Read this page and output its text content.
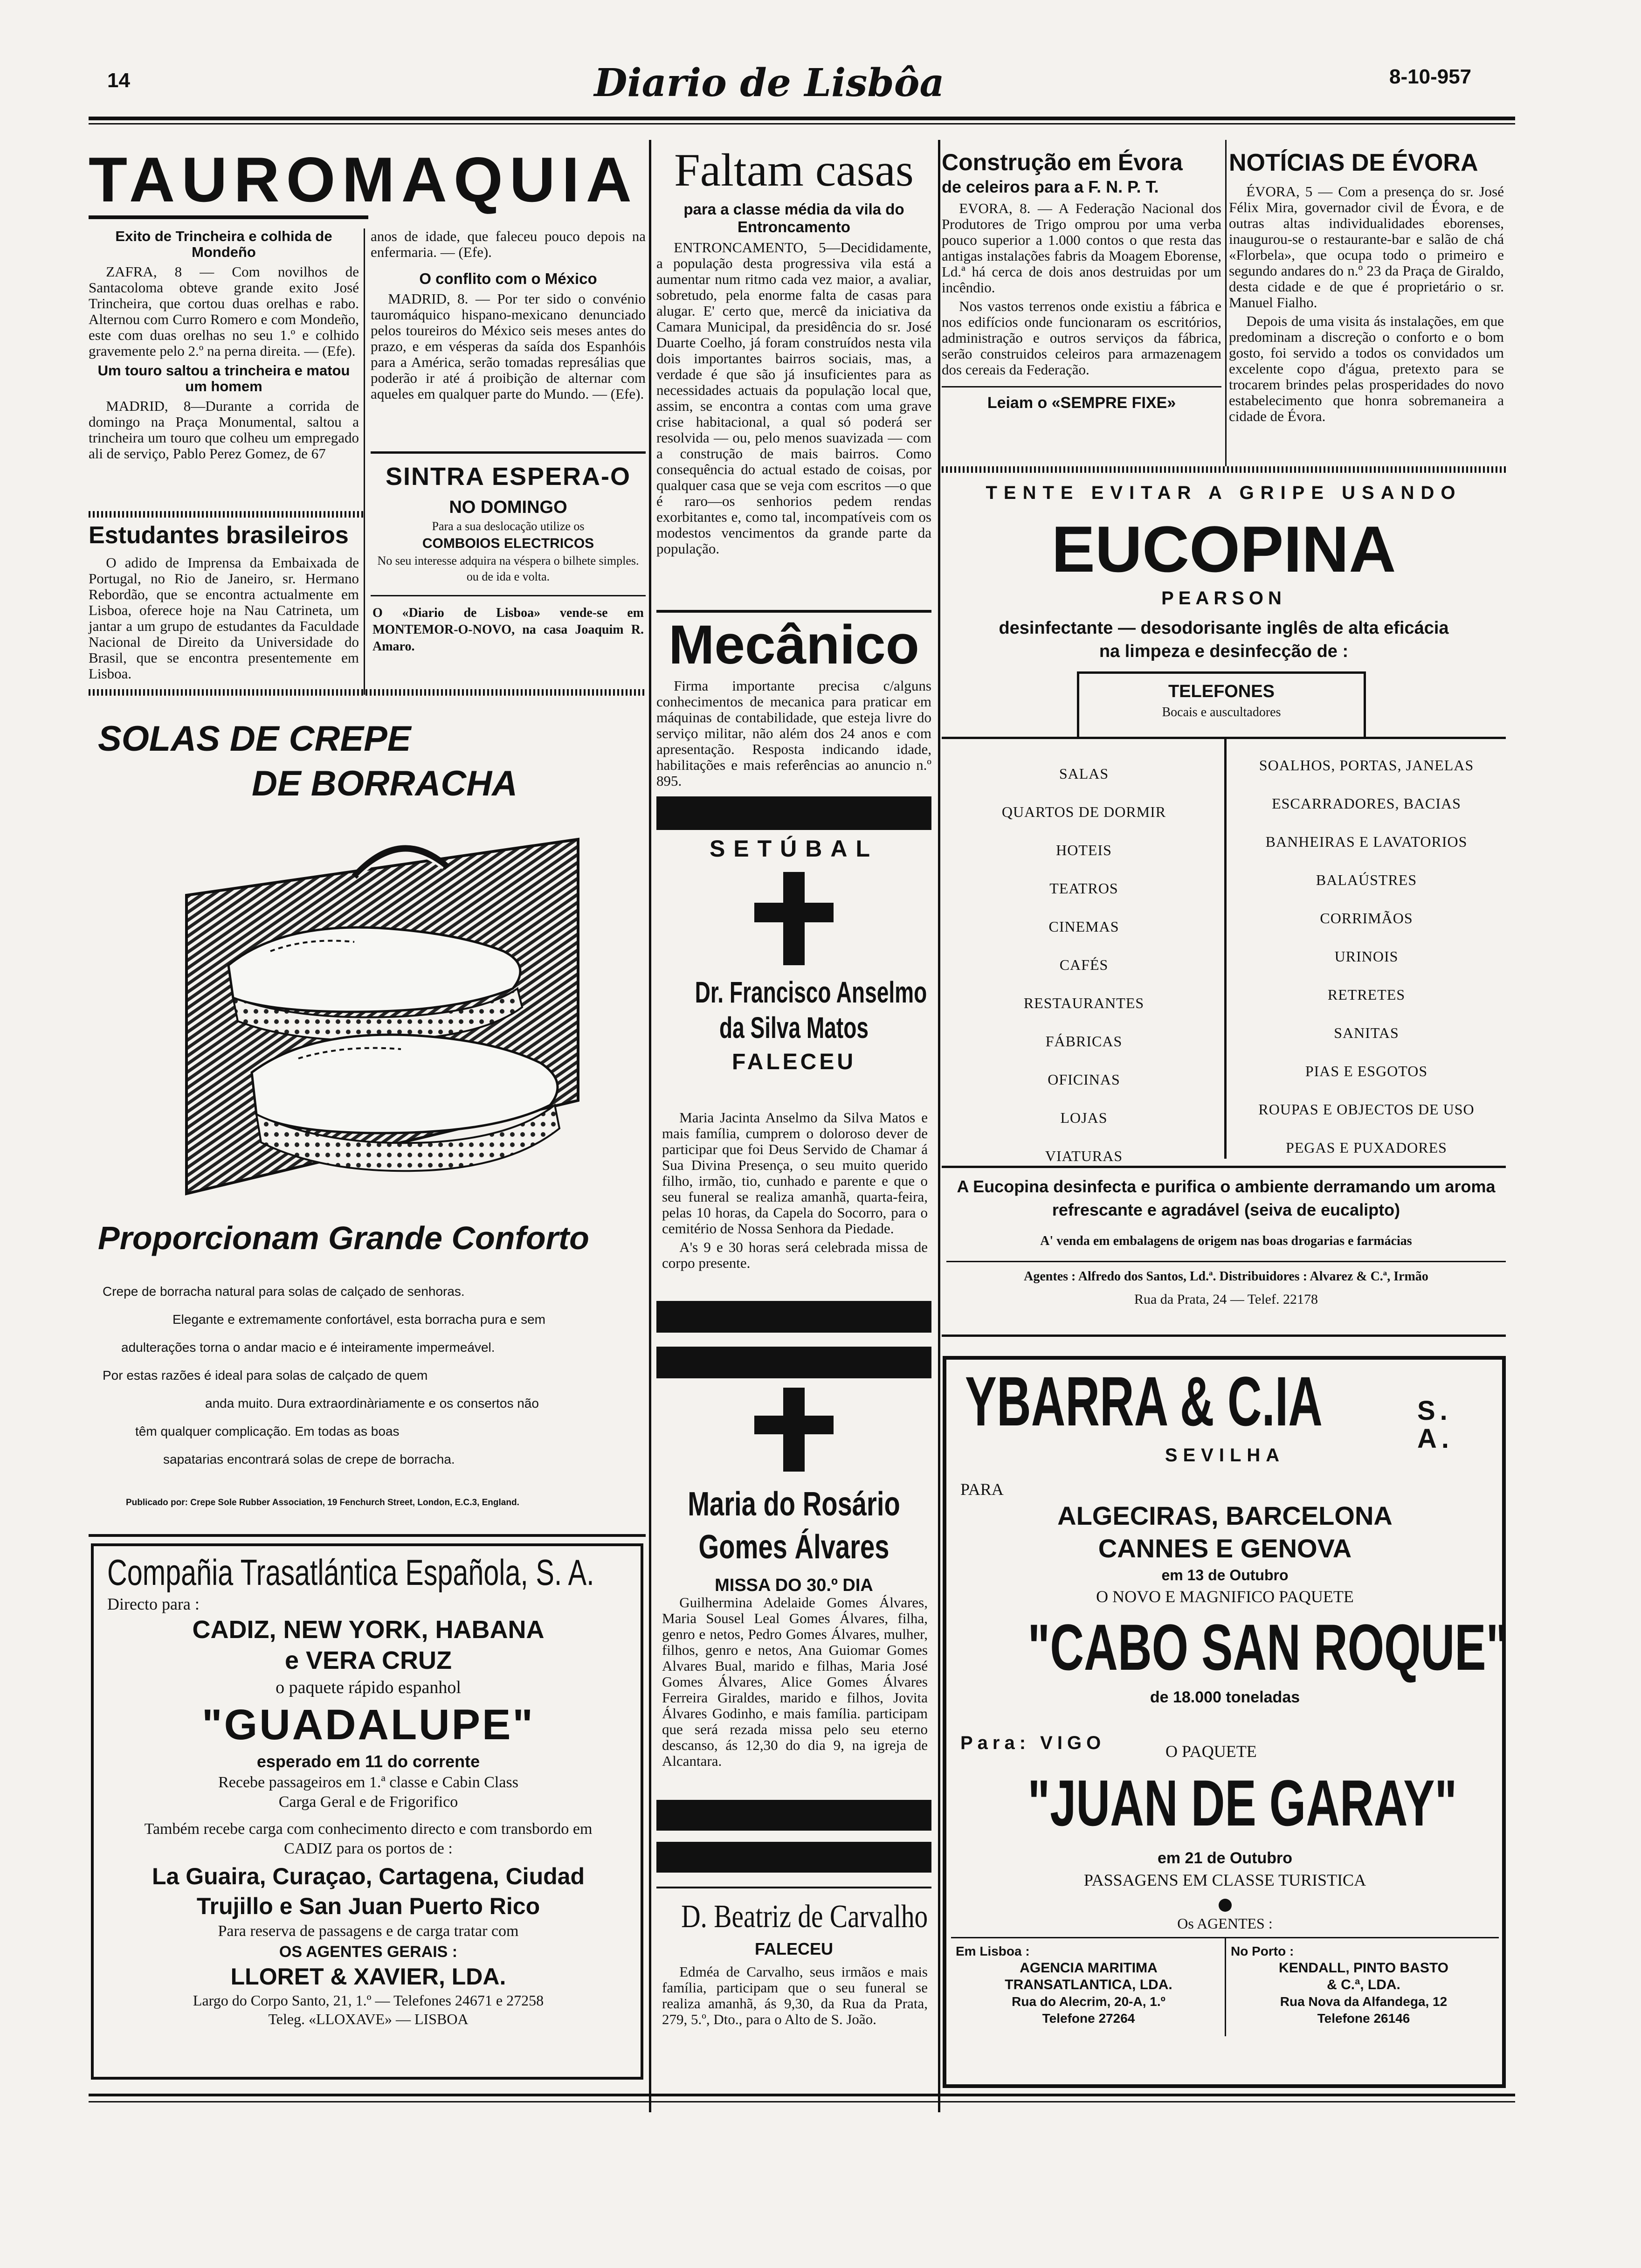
14	Diario de Lisbôa	8-10-957
TAUROMAQUIA
Exito de Trincheira e colhida de Mondeño

ZAFRA, 8 — Com novilhos de Santacoloma obteve grande exito José Trincheira, que cortou duas orelhas e rabo. Alternou com Curro Romero e com Mondeño, este com duas orelhas no seu 1.º e colhido gravemente pelo 2.º na perna direita. — (Efe).

Um touro saltou a trincheira e matou um homem

MADRID, 8—Durante a corrida de domingo na Praça Monumental, saltou a trincheira um touro que colheu um empregado ali de serviço, Pablo Perez Gomez, de 67

anos de idade, que faleceu pouco depois na enfermaria. — (Efe).

O conflito com o México

MADRID, 8. — Por ter sido o convénio tauromáquico hispano-mexicano denunciado pelos toureiros do México seis meses antes do prazo, e em vésperas da saída dos Espanhóis para a América, serão tomadas represálias que poderão ir até á proibição de alternar com aqueles em qualquer parte do Mundo. — (Efe).

Estudantes brasileiros

O adido de Imprensa da Embaixada de Portugal, no Rio de Janeiro, sr. Hermano Rebordão, que se encontra actualmente em Lisboa, oferece hoje na Nau Catrineta, um jantar a um grupo de estudantes da Faculdade Nacional de Direito da Universidade do Brasil, que se encontra presentemente em Lisboa.

SINTRA ESPERA-O
NO DOMINGO
Para a sua deslocação utilize os
COMBOIOS ELECTRICOS
No seu interesse adquira na véspera o bilhete simples. ou de ida e volta.
O «Diario de Lisboa» vende-se em MONTEMOR-O-NOVO, na casa Joaquim R. Amaro.
Faltam casas
para a classe média da vila do Entroncamento

ENTRONCAMENTO, 5—Decididamente, a população desta progressiva vila está a aumentar num ritmo cada vez maior, a avaliar, sobretudo, pela enorme falta de casas para alugar. E' certo que, mercê da iniciativa da Camara Municipal, da presidência do sr. José Duarte Coelho, já foram construídos nesta vila dois importantes bairros sociais, mas, a verdade é que são já insuficientes para as necessidades actuais da população local que, assim, se encontra a contas com uma grave crise habitacional, a qual só poderá ser resolvida — ou, pelo menos suavizada — com a construção de mais bairros. Como consequência do actual estado de coisas, por qualquer casa que se veja com escritos —o que é raro—os senhorios pedem rendas exorbitantes e, como tal, incompatíveis com os modestos vencimentos da grande parte da população.

Mecânico

Firma importante precisa c/alguns conhecimentos de mecanica para praticar em máquinas de contabilidade, que esteja livre do serviço militar, não além dos 24 anos e com apresentação. Resposta indicando idade, habilitações e mais referências ao anuncio n.º 895.

SETÚBAL
Dr. Francisco Anselmo
da Silva Matos
FALECEU

Maria Jacinta Anselmo da Silva Matos e mais família, cumprem o doloroso dever de participar que foi Deus Servido de Chamar á Sua Divina Presença, o seu muito querido filho, irmão, tio, cunhado e parente e que o seu funeral se realiza amanhã, quarta-feira, pelas 10 horas, da Capela do Socorro, para o cemitério de Nossa Senhora da Piedade.

A's 9 e 30 horas será celebrada missa de corpo presente.

Maria do Rosário
Gomes Álvares
MISSA DO 30.º DIA

Guilhermina Adelaide Gomes Álvares, Maria Sousel Leal Gomes Álvares, filha, genro e netos, Pedro Gomes Álvares, mulher, filhos, genro e netos, Ana Guiomar Gomes Alvares Bual, marido e filhas, Maria José Gomes Álvares, Alice Gomes Álvares Ferreira Giraldes, marido e filhos, Jovita Álvares Godinho, e mais família. participam que será rezada missa pelo seu eterno descanso, ás 12,30 do dia 9, na igreja de Alcantara.

D. Beatriz de Carvalho
FALECEU

Edméa de Carvalho, seus irmãos e mais família, participam que o seu funeral se realiza amanhã, ás 9,30, da Rua da Prata, 279, 5.º, Dto., para o Alto de S. João.

Construção em Évora
de celeiros para a F. N. P. T.

EVORA, 8. — A Federação Nacional dos Produtores de Trigo omprou por uma verba pouco superior a 1.000 contos o que resta das antigas instalações fabris da Moagem Eborense, Ld.ª há cerca de dois anos destruidas por um incêndio.

Nos vastos terrenos onde existiu a fábrica e nos edifícios onde funcionaram os escritórios, administração e outros serviços da fábrica, serão construidos celeiros para armazenagem dos cereais da Federação.

Leiam o «SEMPRE FIXE»
NOTÍCIAS DE ÉVORA

ÉVORA, 5 — Com a presença do sr. José Félix Mira, governador civil de Évora, e de outras altas individualidades eborenses, inaugurou-se o restaurante-bar e salão de chá «Florbela», que ocupa todo o primeiro e segundo andares do n.º 23 da Praça de Giraldo, desta cidade e de que é proprietário o sr. Manuel Fialho.

Depois de uma visita ás instalações, em que predominam a discreção o conforto e o bom gosto, foi servido a todos os convidados um excelente copo d'água, pretexto para se trocarem brindes pelas prosperidades do novo estabelecimento que honra sobremaneira a cidade de Évora.

TENTE EVITAR A GRIPE USANDO
EUCOPINA
PEARSON
desinfectante — desodorisante inglês de alta eficácia na limpeza e desinfecção de :
TELEFONES
Bocais e auscultadores
SALAS
QUARTOS DE DORMIR
HOTEIS
TEATROS
CINEMAS
CAFÉS
RESTAURANTES
FÁBRICAS
OFICINAS
LOJAS
VIATURAS
SOALHOS, PORTAS, JANELAS
ESCARRADORES, BACIAS
BANHEIRAS E LAVATORIOS
BALAÚSTRES
CORRIMÃOS
URINOIS
RETRETES
SANITAS
PIAS E ESGOTOS
ROUPAS E OBJECTOS DE USO
PEGAS E PUXADORES
A Eucopina desinfecta e purifica o ambiente derramando um aroma refrescante e agradável (seiva de eucalipto)
A' venda em embalagens de origem nas boas drogarias e farmácias
Agentes : Alfredo dos Santos, Ld.ª. Distribuidores : Alvarez & C.ª, Irmão
Rua da Prata, 24 — Telef. 22178
YBARRA & C.IA	S. A.
SEVILHA
PARA
ALGECIRAS, BARCELONA
CANNES E GENOVA
em 13 de Outubro
O NOVO E MAGNIFICO PAQUETE
"CABO SAN ROQUE"
de 18.000 toneladas
Para: VIGO	O PAQUETE
"JUAN DE GARAY"
em 21 de Outubro
PASSAGENS EM CLASSE TURISTICA
Os AGENTES :
Em Lisboa :
AGENCIA MARITIMA
TRANSATLANTICA, LDA.
Rua do Alecrim, 20-A, 1.º
Telefone 27264
No Porto :
KENDALL, PINTO BASTO
& C.ª, LDA.
Rua Nova da Alfandega, 12
Telefone 26146
SOLAS DE CREPE
DE BORRACHA
Proporcionam Grande Conforto
Crepe de borracha natural para solas de calçado de senhoras.
Elegante e extremamente confortável, esta borracha pura e sem
adulterações torna o andar macio e é inteiramente impermeável.
Por estas razões é ideal para solas de calçado de quem
anda muito. Dura extraordinàriamente e os consertos não
têm qualquer complicação. Em todas as boas
sapatarias encontrará solas de crepe de borracha.
Publicado por: Crepe Sole Rubber Association, 19 Fenchurch Street, London, E.C.3, England.
Compañia Trasatlántica Española, S. A.
Directo para :
CADIZ, NEW YORK, HABANA
e VERA CRUZ
o paquete rápido espanhol
"GUADALUPE"
esperado em 11 do corrente
Recebe passageiros em 1.ª classe e Cabin Class
Carga Geral e de Frigorifico
Também recebe carga com conhecimento directo e com transbordo em CADIZ para os portos de :
La Guaira, Curaçao, Cartagena, Ciudad Trujillo e San Juan Puerto Rico
Para reserva de passagens e de carga tratar com
OS AGENTES GERAIS :
LLORET & XAVIER, LDA.
Largo do Corpo Santo, 21, 1.º — Telefones 24671 e 27258
Teleg. «LLOXAVE» — LISBOA
